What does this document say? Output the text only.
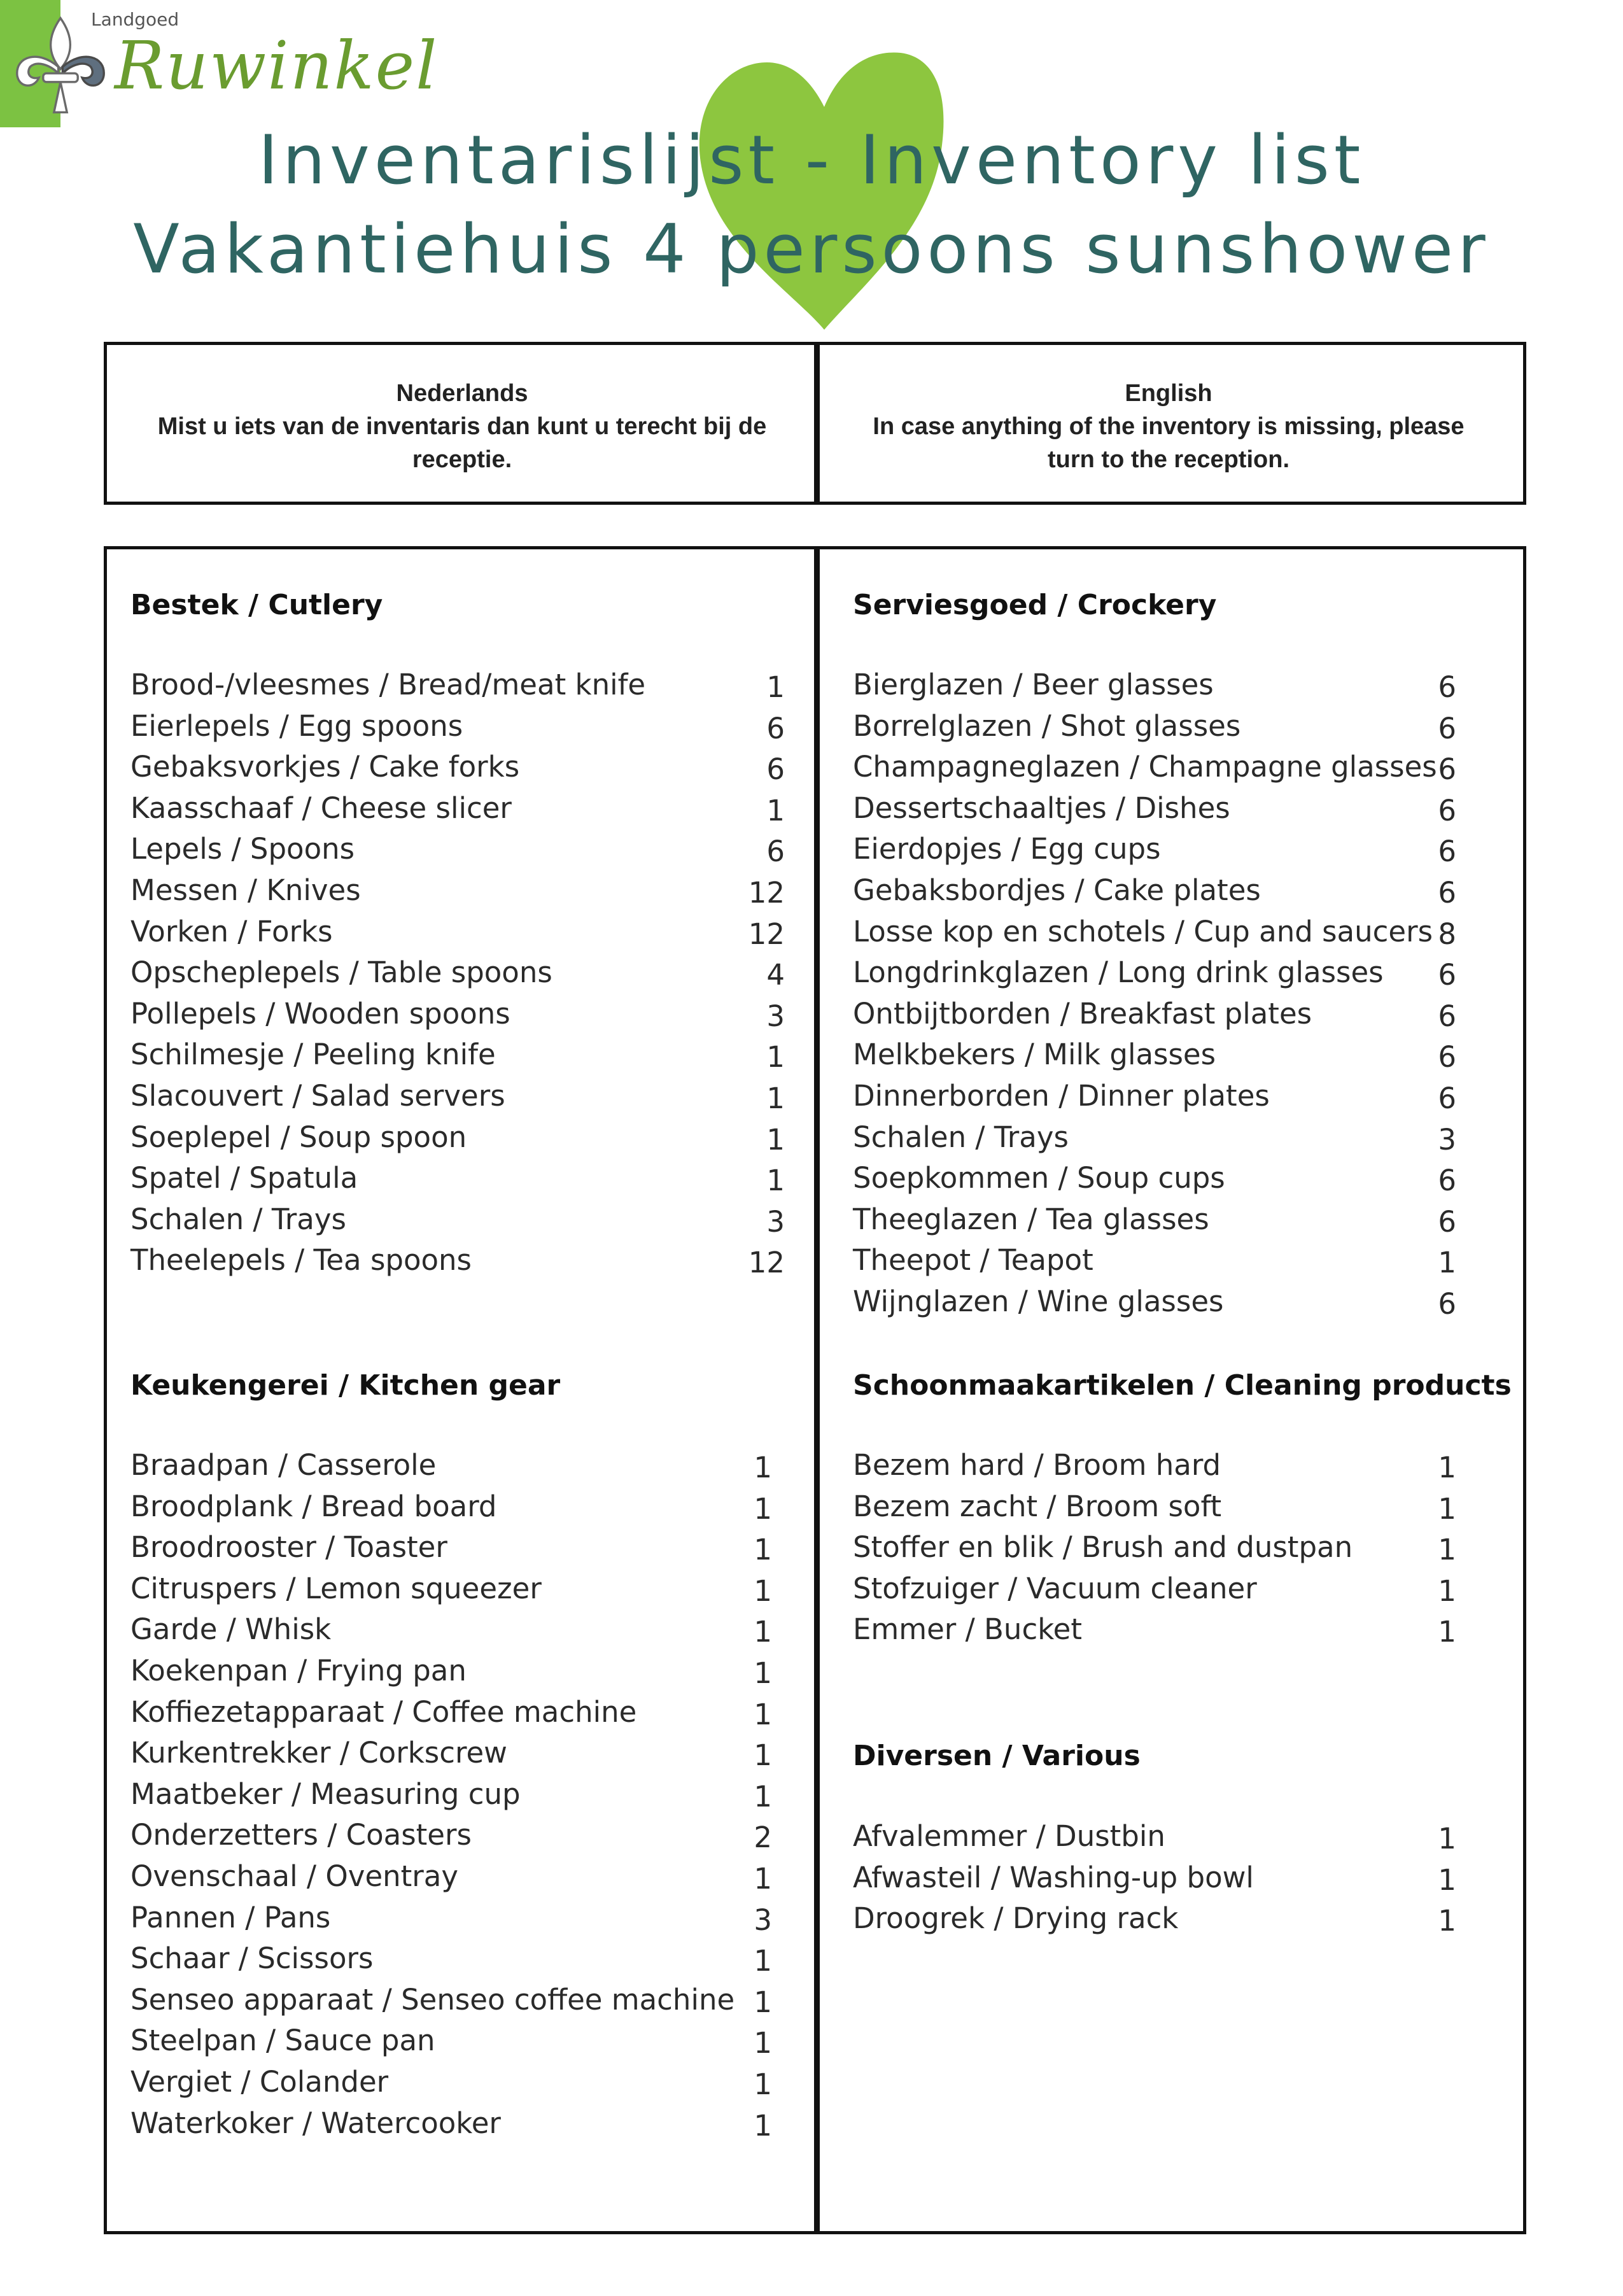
Landgoed
Ruwinkel
Inventarislijst - Inventory list
Vakantiehuis 4 persoons sunshower
Nederlands
Mist u iets van de inventaris dan kunt u terecht bij de
receptie.
English
In case anything of the inventory is missing, please
turn to the reception.
Bestek / Cutlery
Brood-/vleesmes / Bread/meat knife	1
Eierlepels / Egg spoons	6
Gebaksvorkjes / Cake forks	6
Kaasschaaf / Cheese slicer	1
Lepels / Spoons	6
Messen / Knives	12
Vorken / Forks	12
Opscheplepels / Table spoons	4
Pollepels / Wooden spoons	3
Schilmesje / Peeling knife	1
Slacouvert / Salad servers	1
Soeplepel / Soup spoon	1
Spatel / Spatula	1
Schalen / Trays	3
Theelepels / Tea spoons	12
Keukengerei / Kitchen gear
Braadpan / Casserole	1
Broodplank / Bread board	1
Broodrooster / Toaster	1
Citruspers / Lemon squeezer	1
Garde / Whisk	1
Koekenpan / Frying pan	1
Koffiezetapparaat / Coffee machine	1
Kurkentrekker / Corkscrew	1
Maatbeker / Measuring cup	1
Onderzetters / Coasters	2
Ovenschaal / Oventray	1
Pannen / Pans	3
Schaar / Scissors	1
Senseo apparaat / Senseo coffee machine 1
Steelpan / Sauce pan	1
Vergiet / Colander	1
Waterkoker / Watercooker	1
Serviesgoed / Crockery
Bierglazen / Beer glasses	6
Borrelglazen / Shot glasses	6
Champagneglazen / Champagne glasses 6
Dessertschaaltjes / Dishes	6
Eierdopjes / Egg cups	6
Gebaksbordjes / Cake plates	6
Losse kop en schotels / Cup and saucers 8
Longdrinkglazen / Long drink glasses 6
Ontbijtborden / Breakfast plates	6
Melkbekers / Milk glasses	6
Dinnerborden / Dinner plates	6
Schalen / Trays	3
Soepkommen / Soup cups	6
Theeglazen / Tea glasses	6
Theepot / Teapot	1
Wijnglazen / Wine glasses	6
Schoonmaakartikelen / Cleaning products
Bezem hard / Broom hard	1
Bezem zacht / Broom soft	1
Stoffer en blik / Brush and dustpan	1
Stofzuiger / Vacuum cleaner	1
Emmer / Bucket	1
Diversen / Various
Afvalemmer / Dustbin	1
Afwasteil / Washing-up bowl	1
Droogrek / Drying rack	1
